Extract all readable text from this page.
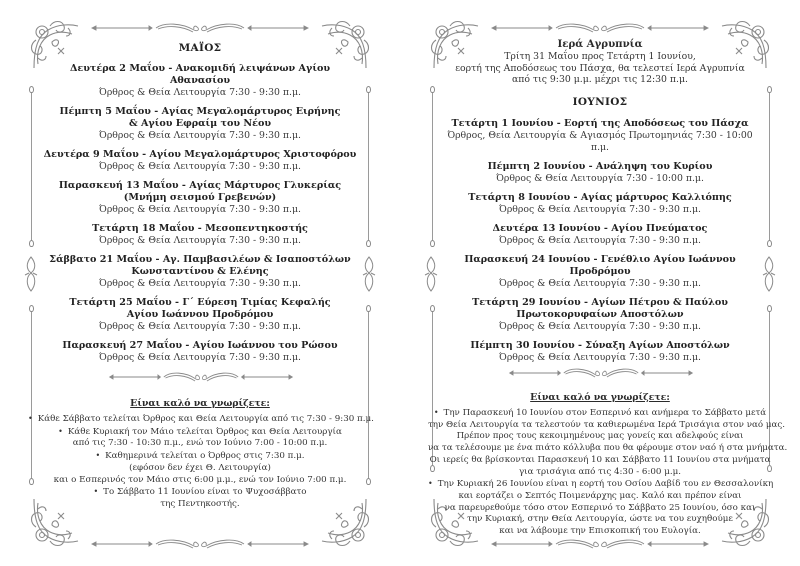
ΜΑΪΟΣ
Δευτέρα 2 Μαΐου - Ανακομιδή λειψάνων Αγίου Αθανασίου
Όρθρος & Θεία Λειτουργία 7:30 - 9:30 π.μ.
Πέμπτη 5 Μαΐου - Αγίας Μεγαλομάρτυρος Ειρήνης
& Αγίου Εφραίμ του Νέου
Όρθρος & Θεία Λειτουργία 7:30 - 9:30 π.μ.
Δευτέρα 9 Μαΐου - Αγίου Μεγαλομάρτυρος Χριστοφόρου
Όρθρος & Θεία Λειτουργία 7:30 - 9:30 π.μ.
Παρασκευή 13 Μαΐου - Αγίας Μάρτυρος Γλυκερίας
(Μνήμη σεισμού Γρεβενών)
Όρθρος & Θεία Λειτουργία 7:30 - 9:30 π.μ.
Τετάρτη 18 Μαΐου - Μεσοπεντηκοστής
Όρθρος & Θεία Λειτουργία 7:30 - 9:30 π.μ.
Σάββατο 21 Μαΐου - Αγ. Παμβασιλέων & Ισαποστόλων
Κωνσταντίνου & Ελένης
Όρθρος & Θεία Λειτουργία 7:30 - 9:30 π.μ.
Τετάρτη 25 Μαΐου - Γ΄ Εύρεση Τιμίας Κεφαλής
Αγίου Ιωάννου Προδρόμου
Όρθρος & Θεία Λειτουργία 7:30 - 9:30 π.μ.
Παρασκευή 27 Μαΐου - Αγίου Ιωάννου του Ρώσου
Όρθρος & Θεία Λειτουργία 7:30 - 9:30 π.μ.
Είναι καλό να γνωρίζετε:
• Κάθε Σάββατο τελείται Όρθρος και Θεία Λειτουργία από τις 7:30 - 9:30 π.μ.
• Κάθε Κυριακή τον Μάιο τελείται Όρθρος και Θεία Λειτουργία
από τις 7:30 - 10:30 π.μ., ενώ τον Ιούνιο 7:00 - 10:00 π.μ.
• Καθημερινά τελείται ο Όρθρος στις 7:30 π.μ.
(εφόσον δεν έχει Θ. Λειτουργία)
και ο Εσπερινός τον Μάιο στις 6:00 μ.μ., ενώ τον Ιούνιο 7:00 π.μ.
• Το Σάββατο 11 Ιουνίου είναι το Ψυχοσάββατο
της Πεντηκοστής.
Ιερά Αγρυπνία
Τρίτη 31 Μαΐου προς Τετάρτη 1 Ιουνίου,
εορτή της Αποδόσεως του Πάσχα, θα τελεστεί Ιερά Αγρυπνία
από τις 9:30 μ.μ. μέχρι τις 12:30 π.μ.
ΙΟΥΝΙΟΣ
Τετάρτη 1 Ιουνίου - Εορτή της Αποδόσεως του Πάσχα
Όρθρος, Θεία Λειτουργία & Αγιασμός Πρωτομηνιάς 7:30 - 10:00 π.μ.
Πέμπτη 2 Ιουνίου - Ανάληψη του Κυρίου
Όρθρος & Θεία Λειτουργία 7:30 - 10:00 π.μ.
Τετάρτη 8 Ιουνίου - Αγίας μάρτυρος Καλλιόπης
Όρθρος & Θεία Λειτουργία 7:30 - 9:30 π.μ.
Δευτέρα 13 Ιουνίου - Αγίου Πνεύματος
Όρθρος & Θεία Λειτουργία 7:30 - 9:30 π.μ.
Παρασκευή 24 Ιουνίου - Γενέθλιο Αγίου Ιωάννου Προδρόμου
Όρθρος & Θεία Λειτουργία 7:30 - 9:30 π.μ.
Τετάρτη 29 Ιουνίου - Αγίων Πέτρου & Παύλου
Πρωτοκορυφαίων Αποστόλων
Όρθρος & Θεία Λειτουργία 7:30 - 9:30 π.μ.
Πέμπτη 30 Ιουνίου - Σύναξη Αγίων Αποστόλων
Όρθρος & Θεία Λειτουργία 7:30 - 9:30 π.μ.
Είναι καλό να γνωρίζετε:
• Την Παρασκευή 10 Ιουνίου στον Εσπερινό και ανήμερα το Σάββατο μετά
την Θεία Λειτουργία τα τελεστούν τα καθιερωμένα Ιερά Τρισάγια στον ναό μας.
Πρέπον προς τους κεκοιμημένους μας γονείς και αδελφούς είναι
να τα τελέσουμε με ένα πιάτο κόλλυβα που θα φέρουμε στον ναό ή στα μνήματα.
Οι ιερείς θα βρίσκονται Παρασκευή 10 και Σάββατο 11 Ιουνίου στα μνήματα
για τρισάγια από τις 4:30 - 6:00 μ.μ.
• Την Κυριακή 26 Ιουνίου είναι η εορτή του Οσίου Δαβίδ του εν Θεσσαλονίκη
και εορτάζει ο Σεπτός Ποιμενάρχης μας. Καλό και πρέπον είναι
να παρευρεθούμε τόσο στον Εσπερινό το Σάββατο 25 Ιουνίου, όσο και
την Κυριακή, στην Θεία Λειτουργία, ώστε να του ευχηθούμε
και να λάβουμε την Επισκοπική του Ευλογία.
